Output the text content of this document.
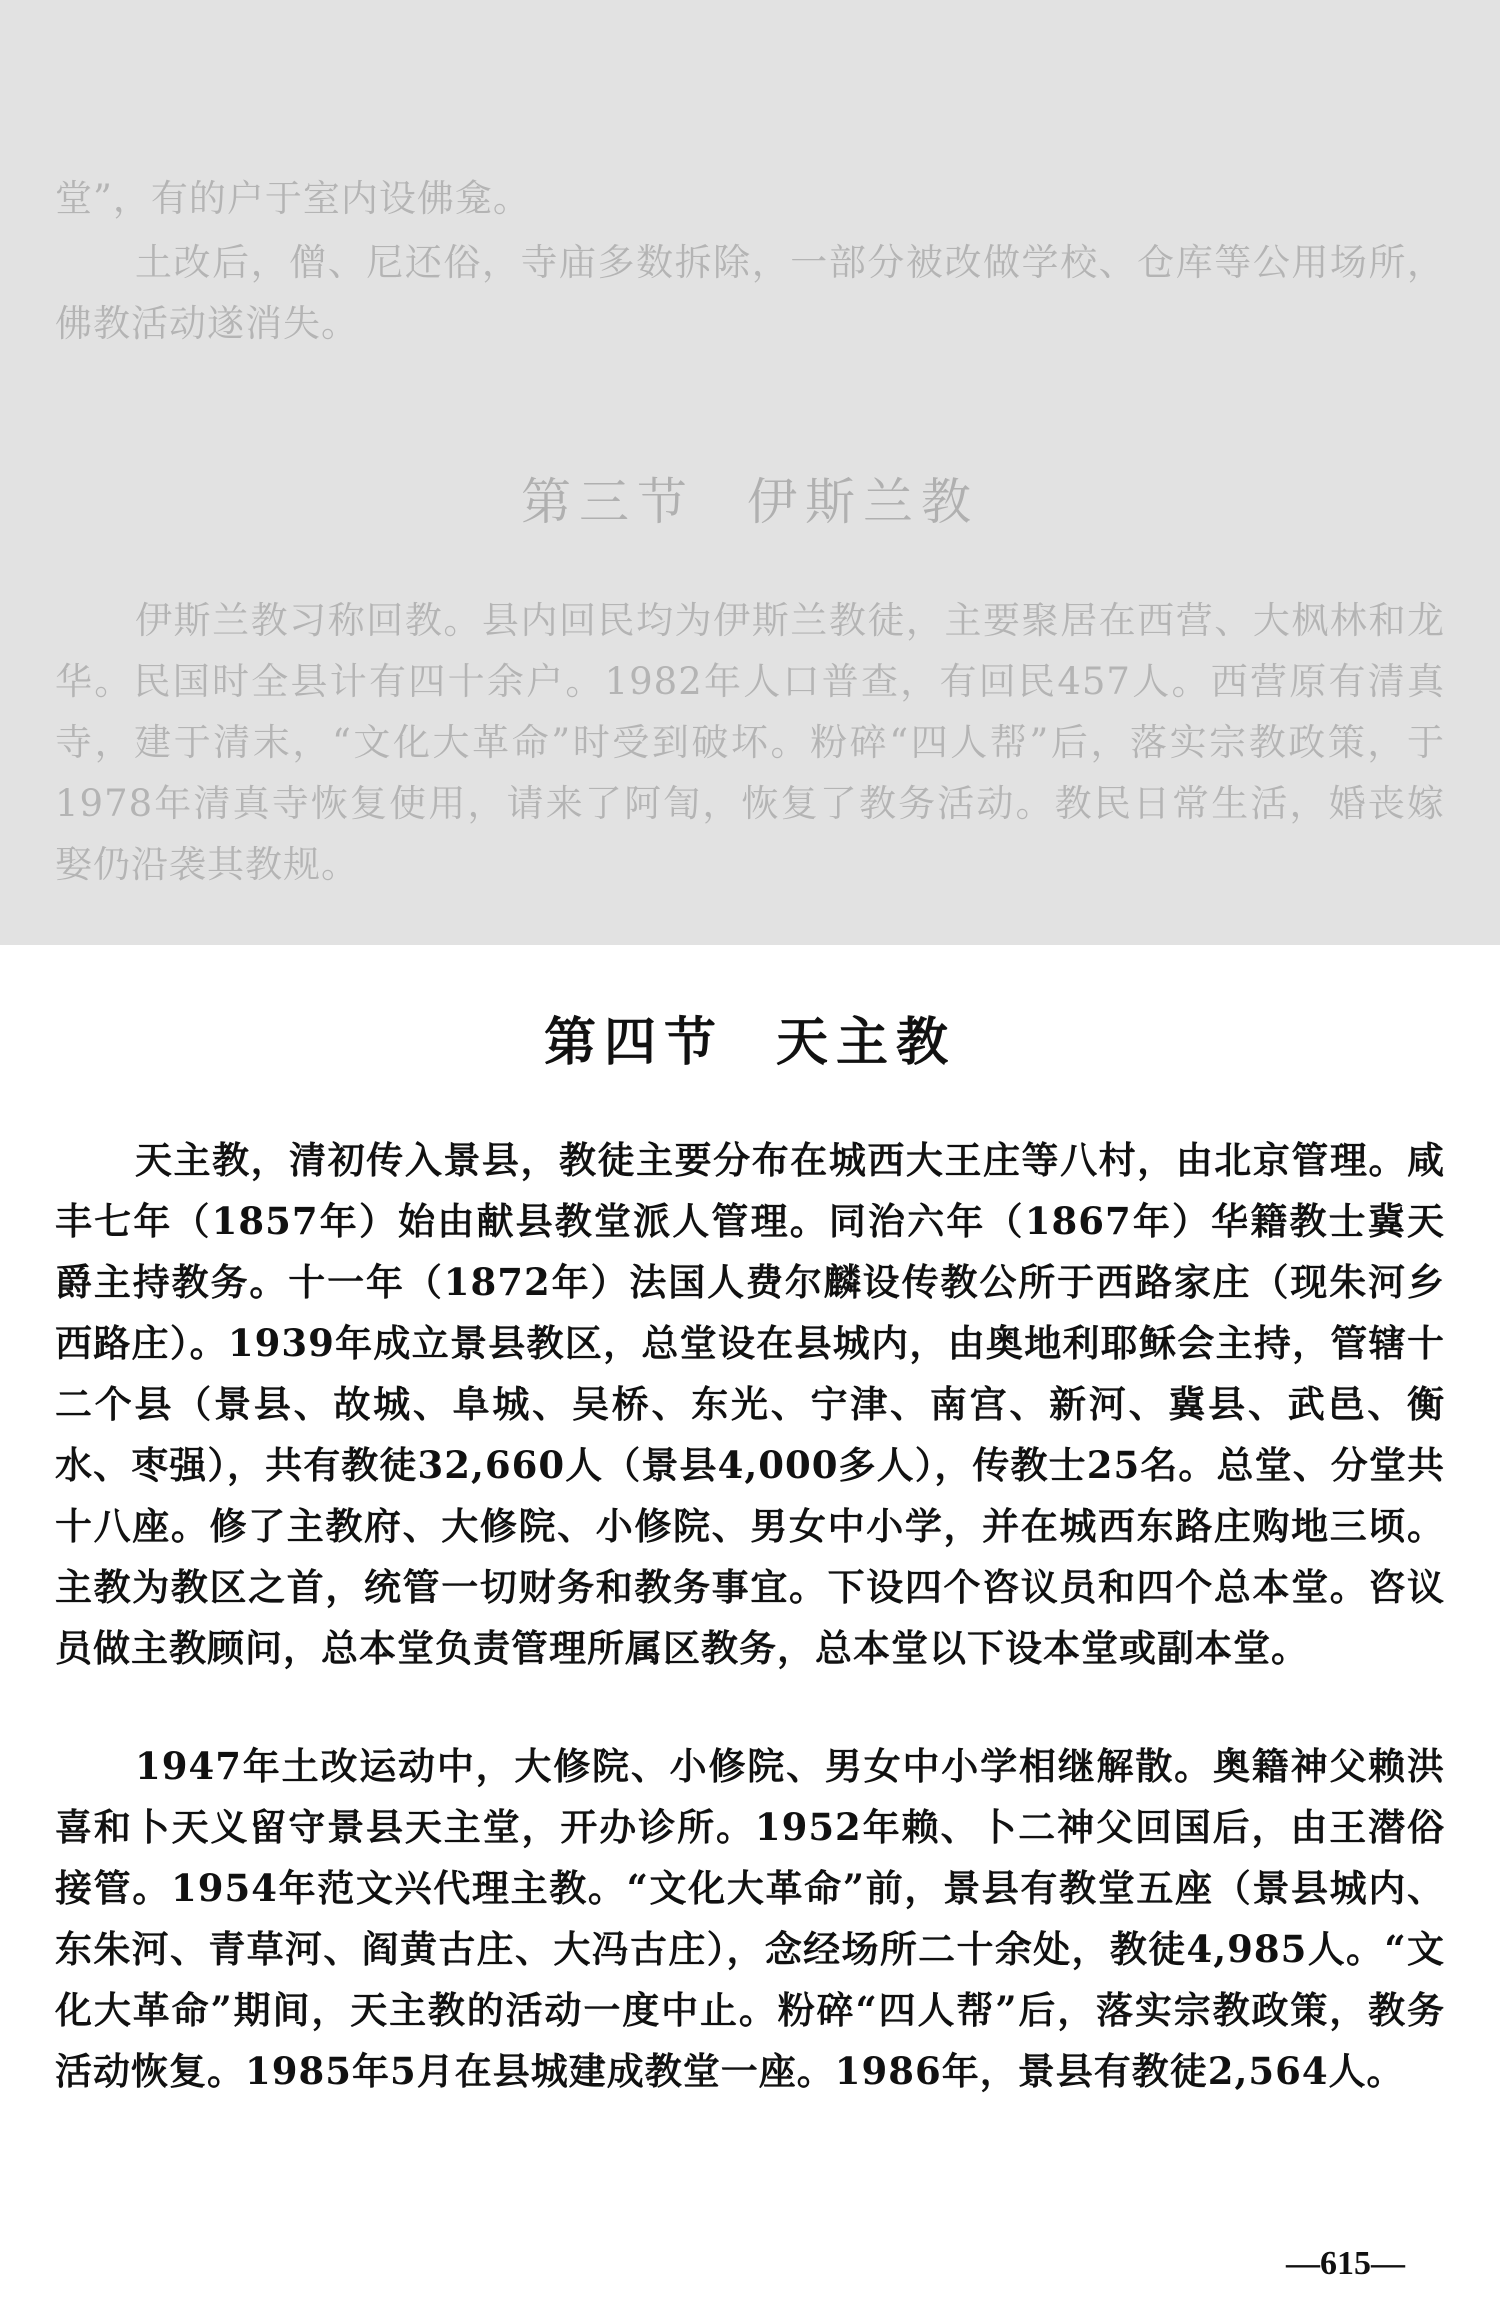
堂”，有的户于室内设佛龛。

土改后，僧、尼还俗，寺庙多数拆除，一部分被改做学校、仓库等公用场所，佛教活动遂消失。

第三节 伊斯兰教

伊斯兰教习称回教。县内回民均为伊斯兰教徒，主要聚居在西营、大枫林和龙华。民国时全县计有四十余户。1982年人口普查，有回民457人。西营原有清真寺，建于清末，“文化大革命”时受到破坏。粉碎“四人帮”后，落实宗教政策，于1978年清真寺恢复使用，请来了阿訇，恢复了教务活动。教民日常生活，婚丧嫁娶仍沿袭其教规。

第四节 天主教

天主教，清初传入景县，教徒主要分布在城西大王庄等八村，由北京管理。咸丰七年（1857年）始由献县教堂派人管理。同治六年（1867年）华籍教士冀天爵主持教务。十一年（1872年）法国人费尔麟设传教公所于西路家庄（现朱河乡西路庄）。1939年成立景县教区，总堂设在县城内，由奥地利耶稣会主持，管辖十二个县（景县、故城、阜城、吴桥、东光、宁津、南宫、新河、冀县、武邑、衡水、枣强），共有教徒32,660人（景县4,000多人），传教士25名。总堂、分堂共十八座。修了主教府、大修院、小修院、男女中小学，并在城西东路庄购地三顷。主教为教区之首，统管一切财务和教务事宜。下设四个咨议员和四个总本堂。咨议员做主教顾问，总本堂负责管理所属区教务，总本堂以下设本堂或副本堂。

1947年土改运动中，大修院、小修院、男女中小学相继解散。奥籍神父赖洪喜和卜天义留守景县天主堂，开办诊所。1952年赖、卜二神父回国后，由王潜俗接管。1954年范文兴代理主教。“文化大革命”前，景县有教堂五座（景县城内、东朱河、青草河、阎黄古庄、大冯古庄），念经场所二十余处，教徒4,985人。“文化大革命”期间，天主教的活动一度中止。粉碎“四人帮”后，落实宗教政策，教务活动恢复。1985年5月在县城建成教堂一座。1986年，景县有教徒2,564人。

—615—
